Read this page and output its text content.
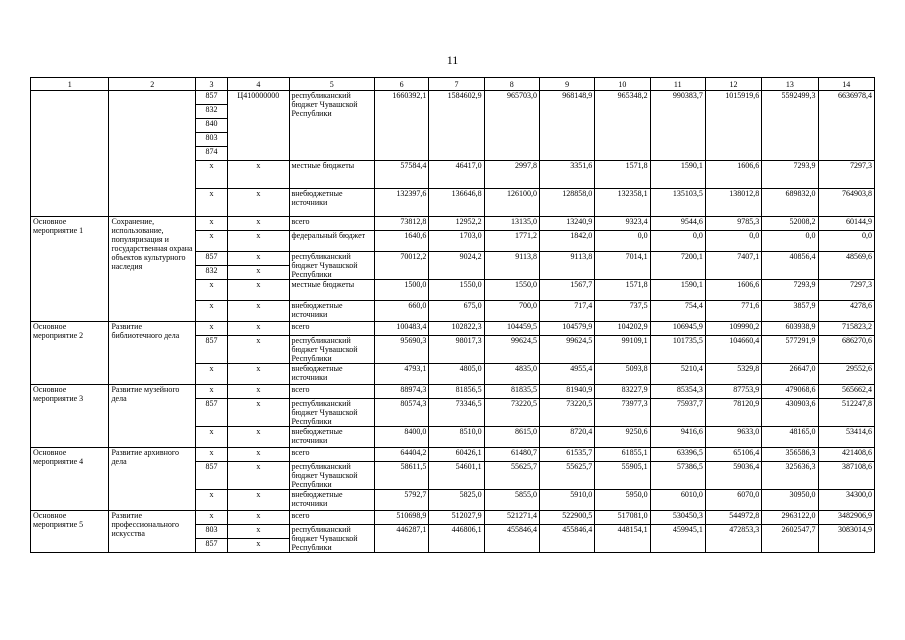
11
1	2	3	4	5	6	7	8	9	10	11	12	13	14
		857	Ц410000000	республиканский бюджет Чувашской Республики	1660392,1	1584602,9	965703,0	968148,9	965348,2	990383,7	1015919,6	5592499,3	6636978,4
		832											
		840											
		803											
		874											
		x	x	местные бюджеты	57584,4	46417,0	2997,8	3351,6	1571,8	1590,1	1606,6	7293,9	7297,3
		x	x	внебюджетные источники	132397,6	136646,8	126100,0	128858,0	132358,1	135103,5	138012,8	689832,0	764903,8
Основное мероприятие 1	Сохранение, использование, популяризация и государственная охрана объектов культурного наследия	x	x	всего	73812,8	12952,2	13135,0	13240,9	9323,4	9544,6	9785,3	52008,2	60144,9
		x	x	федеральный бюджет	1640,6	1703,0	1771,2	1842,0	0,0	0,0	0,0	0,0	0,0
		857	x	республиканский бюджет Чувашской Республики	70012,2	9024,2	9113,8	9113,8	7014,1	7200,1	7407,1	40856,4	48569,6
		832	x										
		x	x	местные бюджеты	1500,0	1550,0	1550,0	1567,7	1571,8	1590,1	1606,6	7293,9	7297,3
		x	x	внебюджетные источники	660,0	675,0	700,0	717,4	737,5	754,4	771,6	3857,9	4278,6
Основное мероприятие 2	Развитие библиотечного дела	x	x	всего	100483,4	102822,3	104459,5	104579,9	104202,9	106945,9	109990,2	603938,9	715823,2
		857	x	республиканский бюджет Чувашской Республики	95690,3	98017,3	99624,5	99624,5	99109,1	101735,5	104660,4	577291,9	686270,6
		x	x	внебюджетные источники	4793,1	4805,0	4835,0	4955,4	5093,8	5210,4	5329,8	26647,0	29552,6
Основное мероприятие 3	Развитие музейного дела	x	x	всего	88974,3	81856,5	81835,5	81940,9	83227,9	85354,3	87753,9	479068,6	565662,4
		857	x	республиканский бюджет Чувашской Республики	80574,3	73346,5	73220,5	73220,5	73977,3	75937,7	78120,9	430903,6	512247,8
		x	x	внебюджетные источники	8400,0	8510,0	8615,0	8720,4	9250,6	9416,6	9633,0	48165,0	53414,6
Основное мероприятие 4	Развитие архивного дела	x	x	всего	64404,2	60426,1	61480,7	61535,7	61855,1	63396,5	65106,4	356586,3	421408,6
		857	x	республиканский бюджет Чувашской Республики	58611,5	54601,1	55625,7	55625,7	55905,1	57386,5	59036,4	325636,3	387108,6
		x	x	внебюджетные источники	5792,7	5825,0	5855,0	5910,0	5950,0	6010,0	6070,0	30950,0	34300,0
Основное мероприятие 5	Развитие профессионального искусства	x	x	всего	510698,9	512027,9	521271,4	522900,5	517081,0	530450,3	544972,8	2963122,0	3482906,9
		803	x	республиканский бюджет Чувашской Республики	446287,1	446806,1	455846,4	455846,4	448154,1	459945,1	472853,3	2602547,7	3083014,9
		857	x										
